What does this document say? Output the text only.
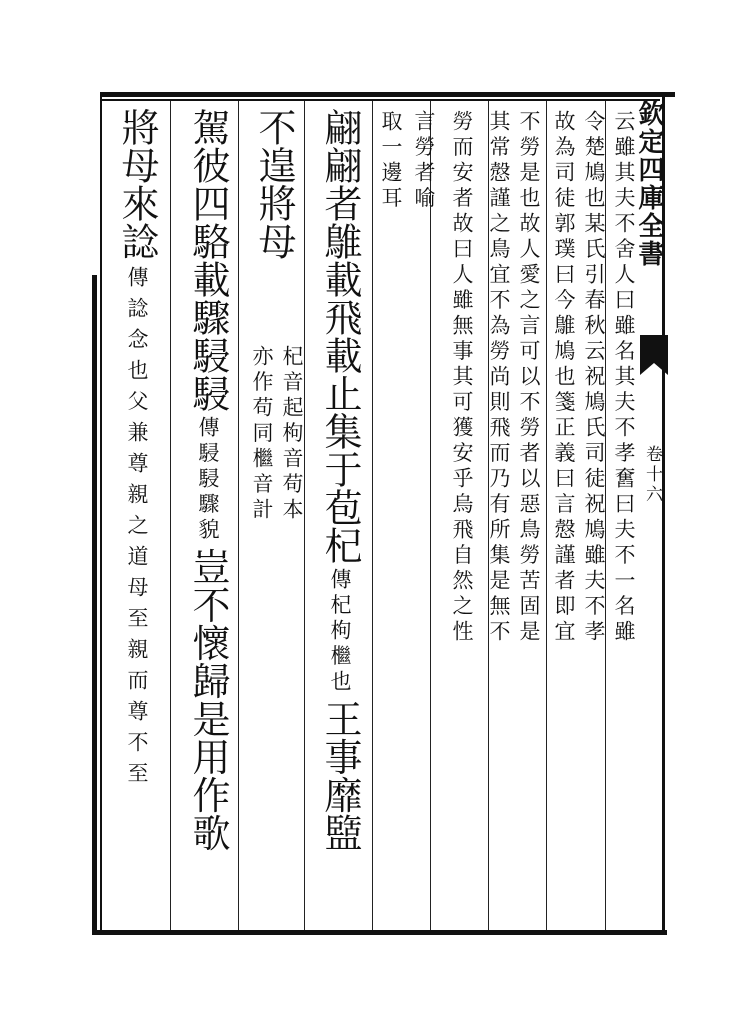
欽定四庫全書
卷十六
云雖其夫不舍人曰雖名其夫不孝𡚒曰夫不一名雖
令楚鳩也某氏引春秋云祝鳩氏司徒祝鳩雖夫不孝
故為司徒郭璞曰今鵻鳩也箋正義曰言慤謹者即宜
不勞是也故人愛之言可以不勞者以惡鳥勞苦固是
其常慤謹之鳥宜不為勞尚則飛而乃有所集是無不
勞而安者故曰人雖無事其可獲安乎烏飛自然之性
言勞者喻
取一邊耳
翩翩者鵻載飛載止集于苞杞傳杞枸檵也王事靡盬
不遑將母
杞音起枸音苟本
亦作苟同檵音計
駕彼四駱載驟駸駸傳駸駸驟貌豈不懷歸是用作歌
將母來諗傳諗念也父兼尊親之道母至親而尊不至
